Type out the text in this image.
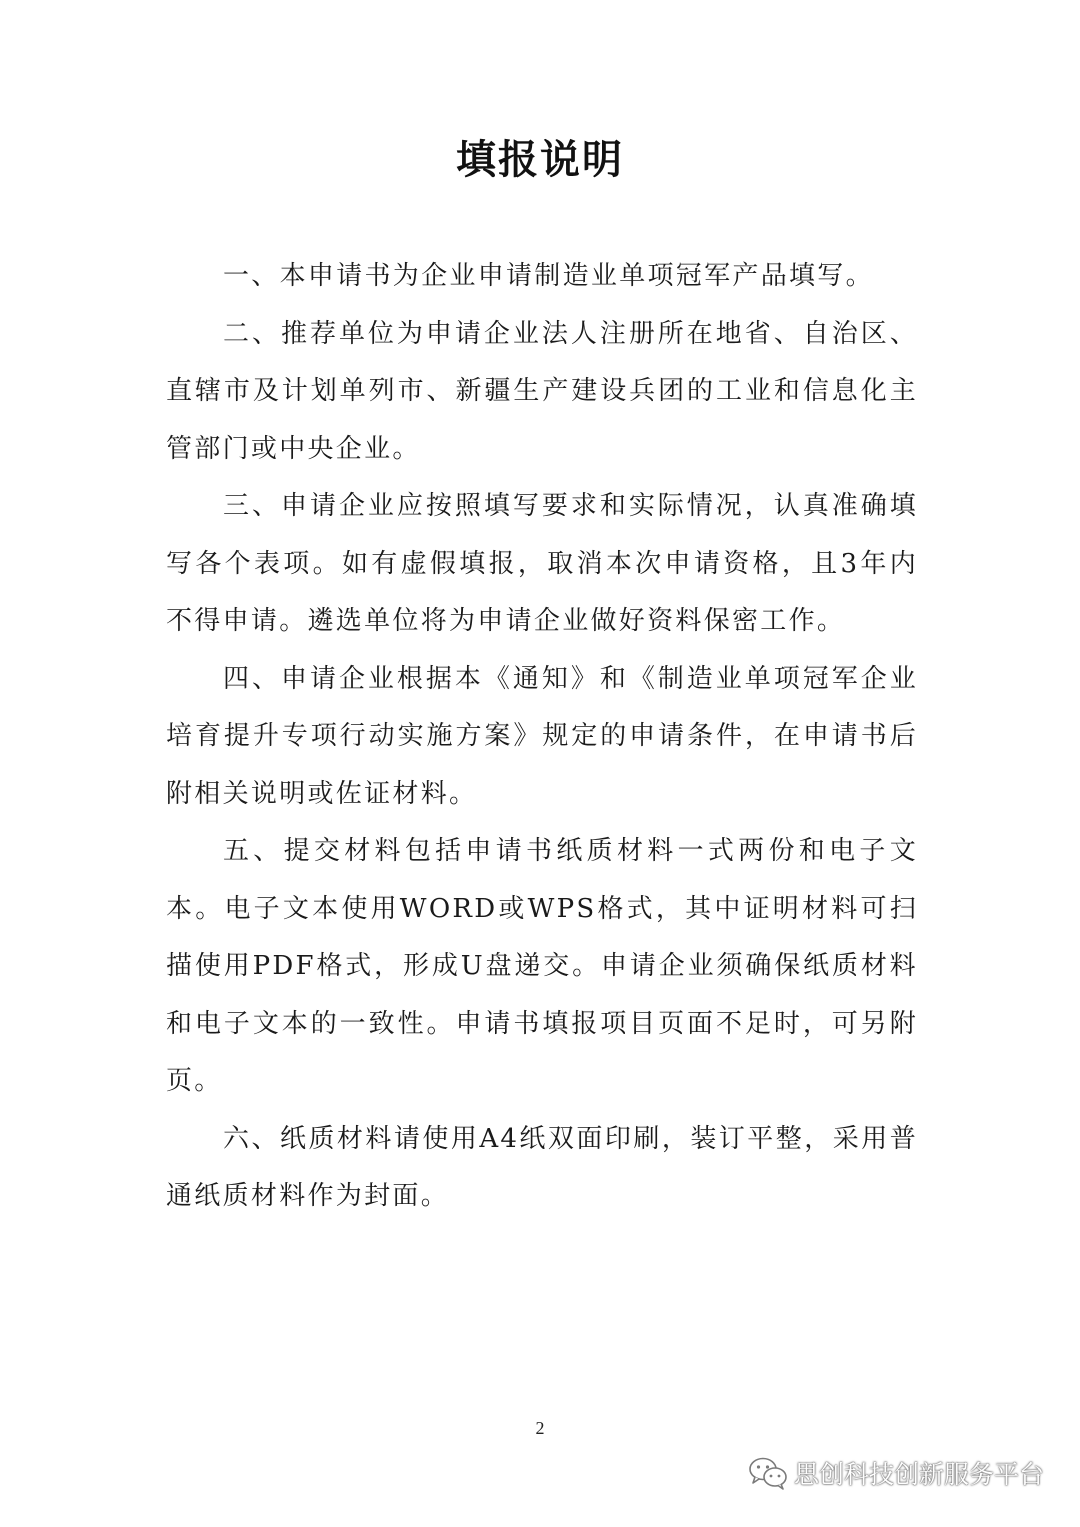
填报说明

一、本申请书为企业申请制造业单项冠军产品填写。

二、推荐单位为申请企业法人注册所在地省、自治区、直辖市及计划单列市、新疆生产建设兵团的工业和信息化主管部门或中央企业。

三、申请企业应按照填写要求和实际情况，认真准确填写各个表项。如有虚假填报，取消本次申请资格，且3年内不得申请。遴选单位将为申请企业做好资料保密工作。

四、申请企业根据本《通知》和《制造业单项冠军企业培育提升专项行动实施方案》规定的申请条件，在申请书后附相关说明或佐证材料。

五、提交材料包括申请书纸质材料一式两份和电子文本。电子文本使用WORD或WPS格式，其中证明材料可扫描使用PDF格式，形成U盘递交。申请企业须确保纸质材料和电子文本的一致性。申请书填报项目页面不足时，可另附页。

六、纸质材料请使用A4纸双面印刷，装订平整，采用普通纸质材料作为封面。

2
思创科技创新服务平台
